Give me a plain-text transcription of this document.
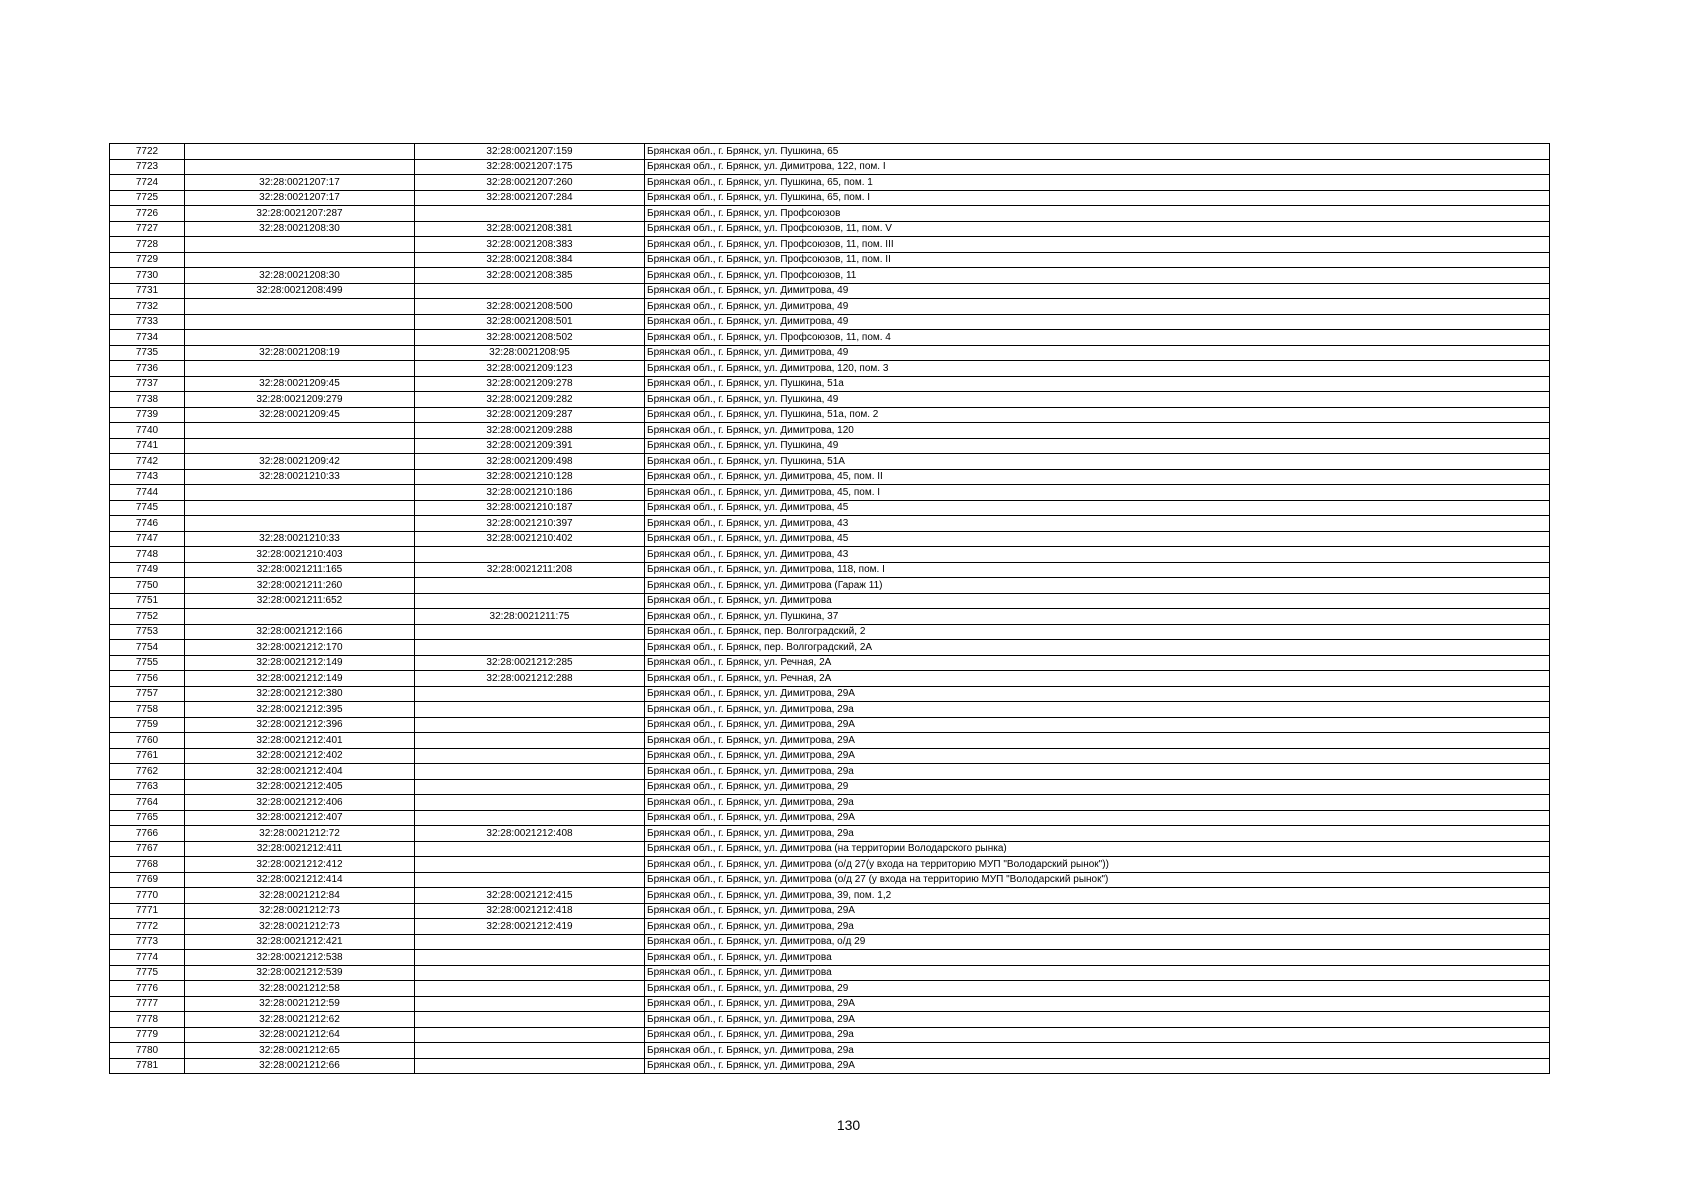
7722		32:28:0021207:159	Брянская обл., г. Брянск, ул. Пушкина, 65
7723		32:28:0021207:175	Брянская обл., г. Брянск, ул. Димитрова, 122, пом. I
7724	32:28:0021207:17	32:28:0021207:260	Брянская обл., г. Брянск, ул. Пушкина, 65, пом. 1
7725	32:28:0021207:17	32:28:0021207:284	Брянская обл., г. Брянск, ул. Пушкина, 65, пом. I
7726	32:28:0021207:287		Брянская обл., г. Брянск, ул. Профсоюзов
7727	32:28:0021208:30	32:28:0021208:381	Брянская обл., г. Брянск, ул. Профсоюзов, 11, пом. V
7728		32:28:0021208:383	Брянская обл., г. Брянск, ул. Профсоюзов, 11, пом. III
7729		32:28:0021208:384	Брянская обл., г. Брянск, ул. Профсоюзов, 11, пом. II
7730	32:28:0021208:30	32:28:0021208:385	Брянская обл., г. Брянск, ул. Профсоюзов, 11
7731	32:28:0021208:499		Брянская обл., г. Брянск, ул. Димитрова, 49
7732		32:28:0021208:500	Брянская обл., г. Брянск, ул. Димитрова, 49
7733		32:28:0021208:501	Брянская обл., г. Брянск, ул. Димитрова, 49
7734		32:28:0021208:502	Брянская обл., г. Брянск, ул. Профсоюзов, 11, пом. 4
7735	32:28:0021208:19	32:28:0021208:95	Брянская обл., г. Брянск, ул. Димитрова, 49
7736		32:28:0021209:123	Брянская обл., г. Брянск, ул. Димитрова, 120, пом. 3
7737	32:28:0021209:45	32:28:0021209:278	Брянская обл., г. Брянск, ул. Пушкина, 51а
7738	32:28:0021209:279	32:28:0021209:282	Брянская обл., г. Брянск, ул. Пушкина, 49
7739	32:28:0021209:45	32:28:0021209:287	Брянская обл., г. Брянск, ул. Пушкина, 51а, пом. 2
7740		32:28:0021209:288	Брянская обл., г. Брянск, ул. Димитрова, 120
7741		32:28:0021209:391	Брянская обл., г. Брянск, ул. Пушкина, 49
7742	32:28:0021209:42	32:28:0021209:498	Брянская обл., г. Брянск, ул. Пушкина, 51А
7743	32:28:0021210:33	32:28:0021210:128	Брянская обл., г. Брянск, ул. Димитрова, 45, пом. II
7744		32:28:0021210:186	Брянская обл., г. Брянск, ул. Димитрова, 45, пом. I
7745		32:28:0021210:187	Брянская обл., г. Брянск, ул. Димитрова, 45
7746		32:28:0021210:397	Брянская обл., г. Брянск, ул. Димитрова, 43
7747	32:28:0021210:33	32:28:0021210:402	Брянская обл., г. Брянск, ул. Димитрова, 45
7748	32:28:0021210:403		Брянская обл., г. Брянск, ул. Димитрова, 43
7749	32:28:0021211:165	32:28:0021211:208	Брянская обл., г. Брянск, ул. Димитрова, 118, пом. I
7750	32:28:0021211:260		Брянская обл., г. Брянск, ул. Димитрова (Гараж 11)
7751	32:28:0021211:652		Брянская обл., г. Брянск, ул. Димитрова
7752		32:28:0021211:75	Брянская обл., г. Брянск, ул. Пушкина, 37
7753	32:28:0021212:166		Брянская обл., г. Брянск, пер. Волгоградский, 2
7754	32:28:0021212:170		Брянская обл., г. Брянск, пер. Волгоградский, 2А
7755	32:28:0021212:149	32:28:0021212:285	Брянская обл., г. Брянск, ул. Речная, 2А
7756	32:28:0021212:149	32:28:0021212:288	Брянская обл., г. Брянск, ул. Речная, 2А
7757	32:28:0021212:380		Брянская обл., г. Брянск, ул. Димитрова, 29А
7758	32:28:0021212:395		Брянская обл., г. Брянск, ул. Димитрова, 29а
7759	32:28:0021212:396		Брянская обл., г. Брянск, ул. Димитрова, 29А
7760	32:28:0021212:401		Брянская обл., г. Брянск, ул. Димитрова, 29А
7761	32:28:0021212:402		Брянская обл., г. Брянск, ул. Димитрова, 29А
7762	32:28:0021212:404		Брянская обл., г. Брянск, ул. Димитрова, 29а
7763	32:28:0021212:405		Брянская обл., г. Брянск, ул. Димитрова, 29
7764	32:28:0021212:406		Брянская обл., г. Брянск, ул. Димитрова, 29а
7765	32:28:0021212:407		Брянская обл., г. Брянск, ул. Димитрова, 29А
7766	32:28:0021212:72	32:28:0021212:408	Брянская обл., г. Брянск, ул. Димитрова, 29а
7767	32:28:0021212:411		Брянская обл., г. Брянск, ул. Димитрова (на территории Володарского рынка)
7768	32:28:0021212:412		Брянская обл., г. Брянск, ул. Димитрова (о/д 27(у входа на территорию МУП "Володарский рынок"))
7769	32:28:0021212:414		Брянская обл., г. Брянск, ул. Димитрова (о/д 27 (у входа на территорию МУП "Володарский рынок")
7770	32:28:0021212:84	32:28:0021212:415	Брянская обл., г. Брянск, ул. Димитрова, 39, пом. 1,2
7771	32:28:0021212:73	32:28:0021212:418	Брянская обл., г. Брянск, ул. Димитрова, 29А
7772	32:28:0021212:73	32:28:0021212:419	Брянская обл., г. Брянск, ул. Димитрова, 29а
7773	32:28:0021212:421		Брянская обл., г. Брянск, ул. Димитрова, о/д 29
7774	32:28:0021212:538		Брянская обл., г. Брянск, ул. Димитрова
7775	32:28:0021212:539		Брянская обл., г. Брянск, ул. Димитрова
7776	32:28:0021212:58		Брянская обл., г. Брянск, ул. Димитрова, 29
7777	32:28:0021212:59		Брянская обл., г. Брянск, ул. Димитрова, 29А
7778	32:28:0021212:62		Брянская обл., г. Брянск, ул. Димитрова, 29А
7779	32:28:0021212:64		Брянская обл., г. Брянск, ул. Димитрова, 29а
7780	32:28:0021212:65		Брянская обл., г. Брянск, ул. Димитрова, 29а
7781	32:28:0021212:66		Брянская обл., г. Брянск, ул. Димитрова, 29А
130
